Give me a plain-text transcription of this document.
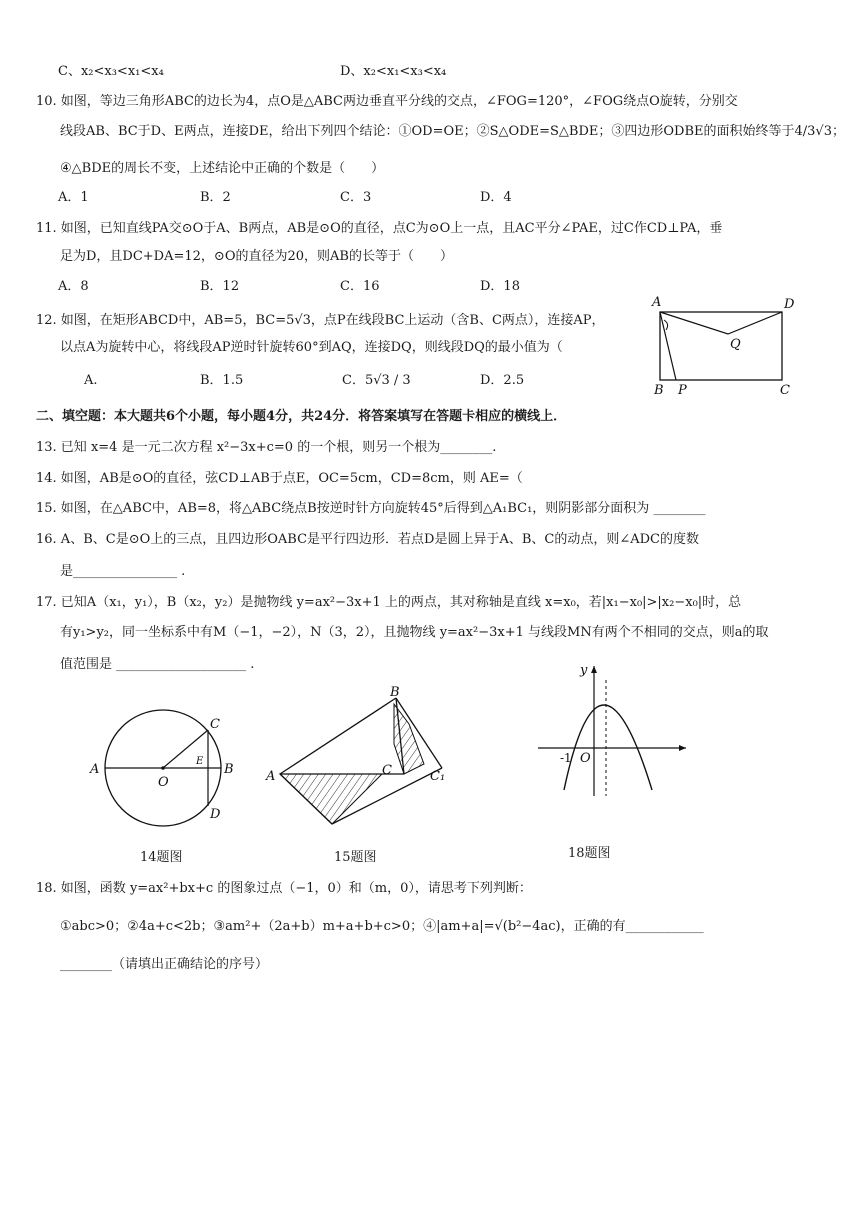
C、x₂<x₃<x₁<x₄	D、x₂<x₁<x₃<x₄
10. 如图，等边三角形ABC的边长为4，点O是△ABC两边垂直平分线的交点，∠FOG=120°，∠FOG绕点O旋转，分别交
线段AB、BC于D、E两点，连接DE，给出下列四个结论：①OD=OE；②S△ODE=S△BDE；③四边形ODBE的面积始终等于4/3√3；
④△BDE的周长不变，上述结论中正确的个数是（　　）
A．1	B．2	C．3	D．4
11. 如图，已知直线PA交⊙O于A、B两点，AB是⊙O的直径，点C为⊙O上一点，且AC平分∠PAE，过C作CD⊥PA，垂
足为D，且DC+DA=12，⊙O的直径为20，则AB的长等于（　　）
A．8	B．12	C．16	D．18
12. 如图，在矩形ABCD中，AB=5，BC=5√3，点P在线段BC上运动（含B、C两点），连接AP，
以点A为旋转中心，将线段AP逆时针旋转60°到AQ，连接DQ，则线段DQ的最小值为（
A.	B．1.5	C．5√3 / 3	D．2.5
A	D
Q
B P	C
二、填空题：本大题共6个小题，每小题4分，共24分．将答案填写在答题卡相应的横线上．
13. 已知 x=4 是一元二次方程 x²−3x+c=0 的一个根，则另一个根为________.
14. 如图，AB是⊙O的直径，弦CD⊥AB于点E，OC=5cm，CD=8cm，则 AE=（
15. 如图，在△ABC中，AB=8，将△ABC绕点B按逆时针方向旋转45°后得到△A₁BC₁，则阴影部分面积为 ________
16. A、B、C是⊙O上的三点，且四边形OABC是平行四边形．若点D是圆上异于A、B、C的动点，则∠ADC的度数
是________________ .
17. 已知A（x₁，y₁），B（x₂，y₂）是抛物线 y=ax²−3x+1 上的两点，其对称轴是直线 x=x₀，若|x₁−x₀|>|x₂−x₀|时，总
有y₁>y₂，同一坐标系中有M（−1，−2），N（3，2），且抛物线 y=ax²−3x+1 与线段MN有两个不相同的交点，则a的取
值范围是 ____________________ .
A
O
B
C
D
E
14题图
B
A	C	C₁
15题图
y
-1 O
18题图
18. 如图，函数 y=ax²+bx+c 的图象过点（−1，0）和（m，0），请思考下列判断：
①abc>0；②4a+c<2b；③am²+（2a+b）m+a+b+c>0；④|am+a|=√(b²−4ac)，正确的有____________
________（请填出正确结论的序号）
